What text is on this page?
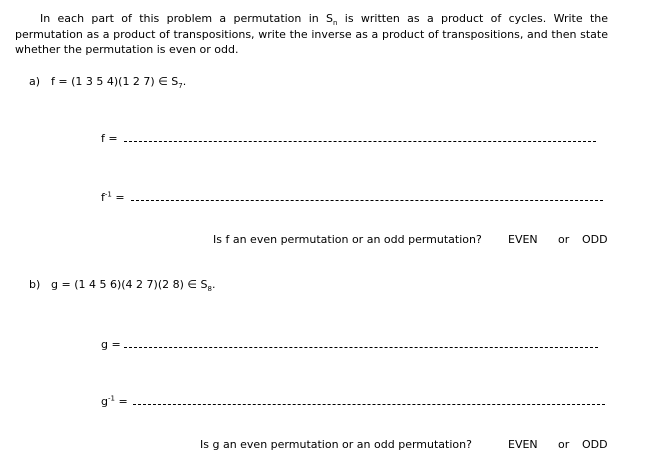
In each part of this problem a permutation in $S_n$ is written as a product of cycles. Write the permutation as a product of transpositions, write the inverse as a product of transpositions, and then state whether the permutation is even or odd.
a) f = (1 3 5 4)(1 2 7) ∈ $S_7$.
f =
$f^{-1}$ =
Is f an even permutation or an odd permutation? EVEN or ODD
b) g = (1 4 5 6)(4 2 7)(2 8) ∈ $S_8$.
g =
$g^{-1}$ =
Is g an even permutation or an odd permutation?	EVEN or ODD
